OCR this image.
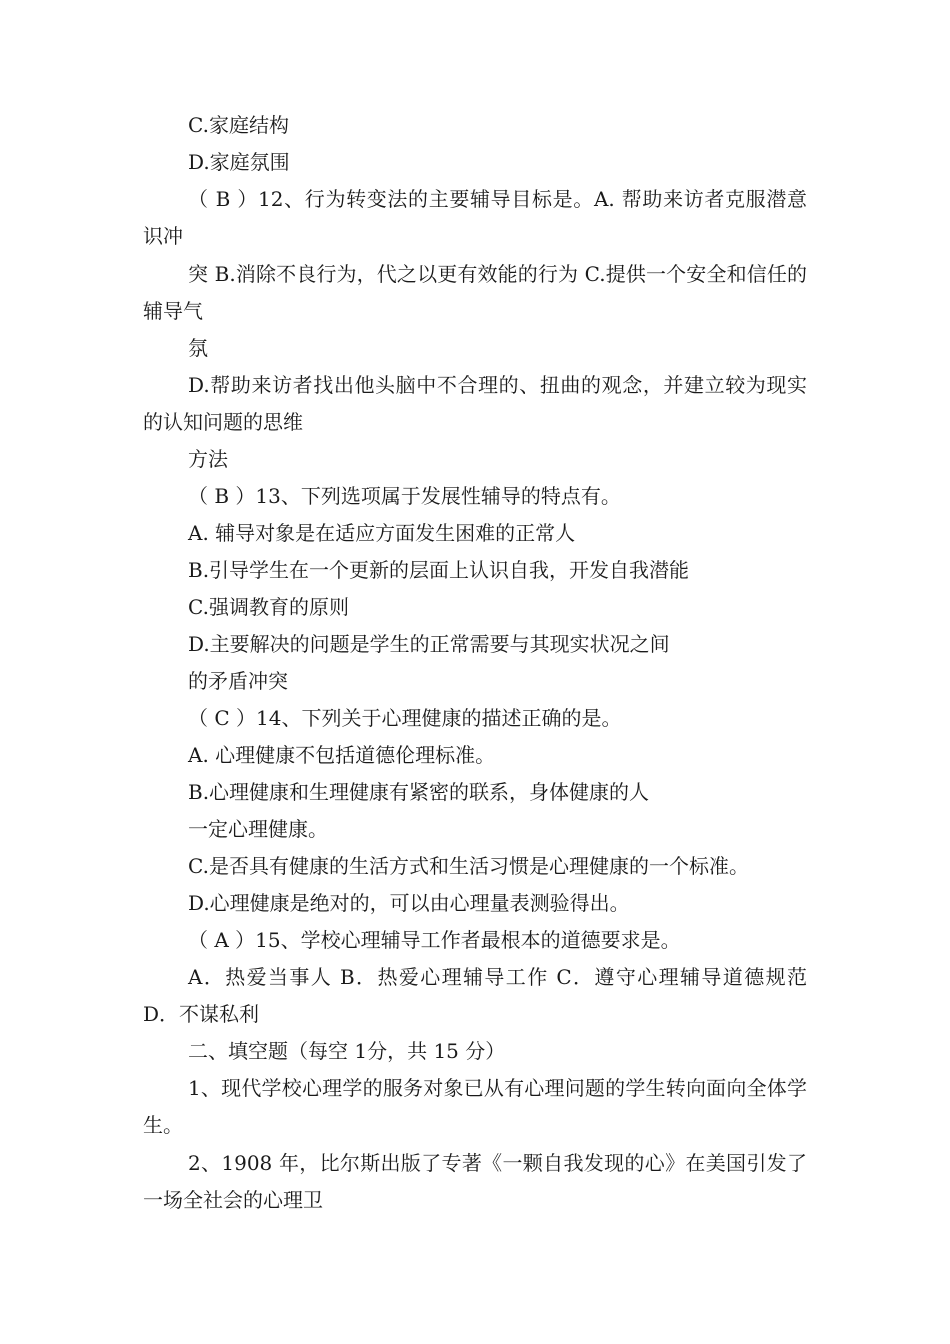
C.家庭结构

D.家庭氛围

（ B ）12、行为转变法的主要辅导目标是。A. 帮助来访者克服潜意识冲

突 B.消除不良行为，代之以更有效能的行为 C.提供一个安全和信任的辅导气

氛

D.帮助来访者找出他头脑中不合理的、扭曲的观念，并建立较为现实的认知问题的思维

方法

（ B ）13、下列选项属于发展性辅导的特点有。

A. 辅导对象是在适应方面发生困难的正常人

B.引导学生在一个更新的层面上认识自我，开发自我潜能

C.强调教育的原则

D.主要解决的问题是学生的正常需要与其现实状况之间

的矛盾冲突

（ C ）14、下列关于心理健康的描述正确的是。

A. 心理健康不包括道德伦理标准。

B.心理健康和生理健康有紧密的联系，身体健康的人

一定心理健康。

C.是否具有健康的生活方式和生活习惯是心理健康的一个标准。

D.心理健康是绝对的，可以由心理量表测验得出。

（ A ）15、学校心理辅导工作者最根本的道德要求是。

A．热爱当事人 B．热爱心理辅导工作 C．遵守心理辅导道德规范 D．不谋私利

二、填空题（每空 1分，共 15 分）

1、现代学校心理学的服务对象已从有心理问题的学生转向面向全体学生。

2、1908 年，比尔斯出版了专著《一颗自我发现的心》在美国引发了一场全社会的心理卫
